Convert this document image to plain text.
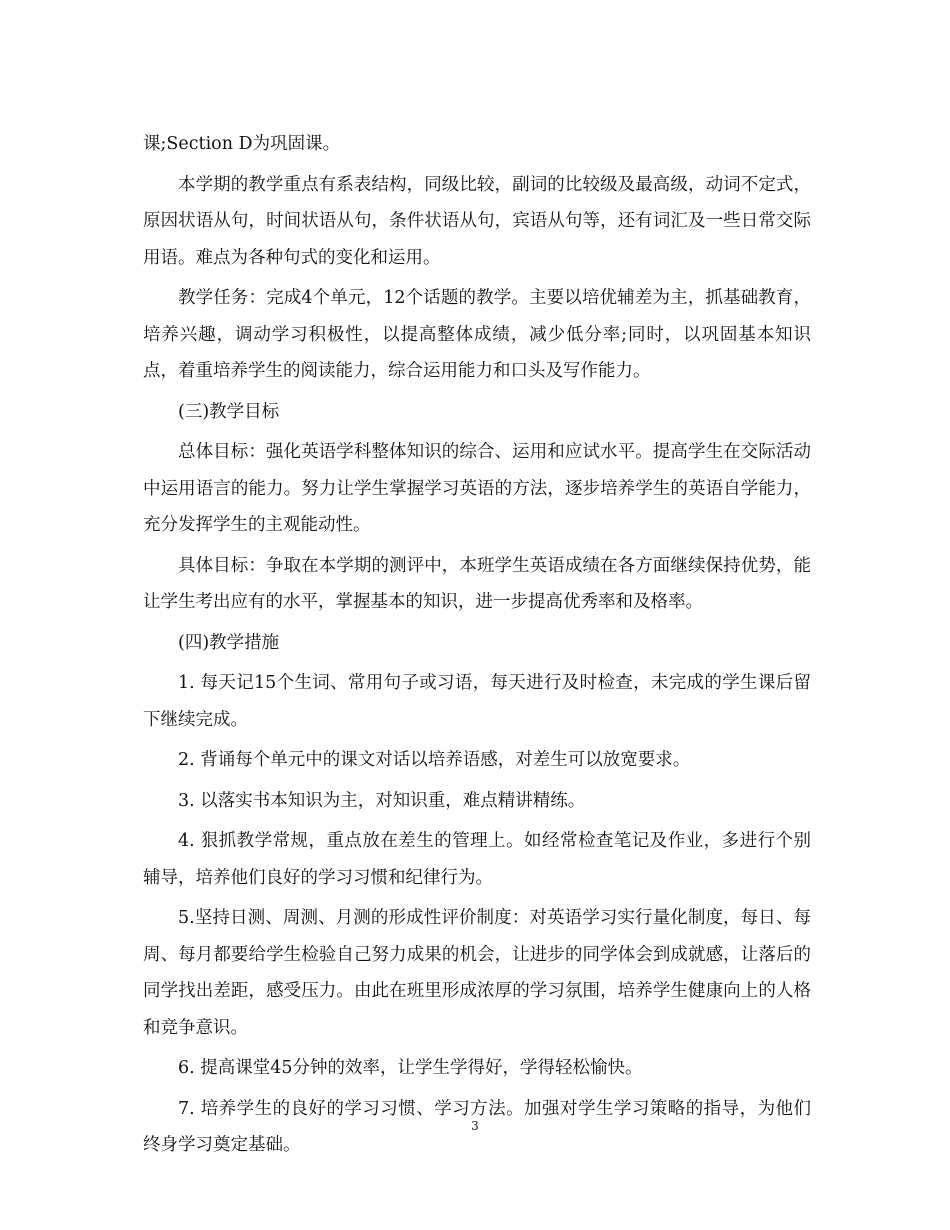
课;Section D为巩固课。

本学期的教学重点有系表结构，同级比较，副词的比较级及最高级，动词不定式，原因状语从句，时间状语从句，条件状语从句，宾语从句等，还有词汇及一些日常交际用语。难点为各种句式的变化和运用。

教学任务：完成4个单元，12个话题的教学。主要以培优辅差为主，抓基础教育，培养兴趣，调动学习积极性，以提高整体成绩，减少低分率;同时，以巩固基本知识点，着重培养学生的阅读能力，综合运用能力和口头及写作能力。

(三)教学目标

总体目标：强化英语学科整体知识的综合、运用和应试水平。提高学生在交际活动中运用语言的能力。努力让学生掌握学习英语的方法，逐步培养学生的英语自学能力，充分发挥学生的主观能动性。

具体目标：争取在本学期的测评中，本班学生英语成绩在各方面继续保持优势，能让学生考出应有的水平，掌握基本的知识，进一步提高优秀率和及格率。

(四)教学措施

1. 每天记15个生词、常用句子或习语，每天进行及时检查，未完成的学生课后留下继续完成。

2. 背诵每个单元中的课文对话以培养语感，对差生可以放宽要求。

3. 以落实书本知识为主，对知识重，难点精讲精练。

4. 狠抓教学常规，重点放在差生的管理上。如经常检查笔记及作业，多进行个别辅导，培养他们良好的学习习惯和纪律行为。

5.坚持日测、周测、月测的形成性评价制度：对英语学习实行量化制度，每日、每周、每月都要给学生检验自己努力成果的机会，让进步的同学体会到成就感，让落后的同学找出差距，感受压力。由此在班里形成浓厚的学习氛围，培养学生健康向上的人格和竞争意识。

6. 提高课堂45分钟的效率，让学生学得好，学得轻松愉快。

7. 培养学生的良好的学习习惯、学习方法。加强对学生学习策略的指导，为他们终身学习奠定基础。

3
